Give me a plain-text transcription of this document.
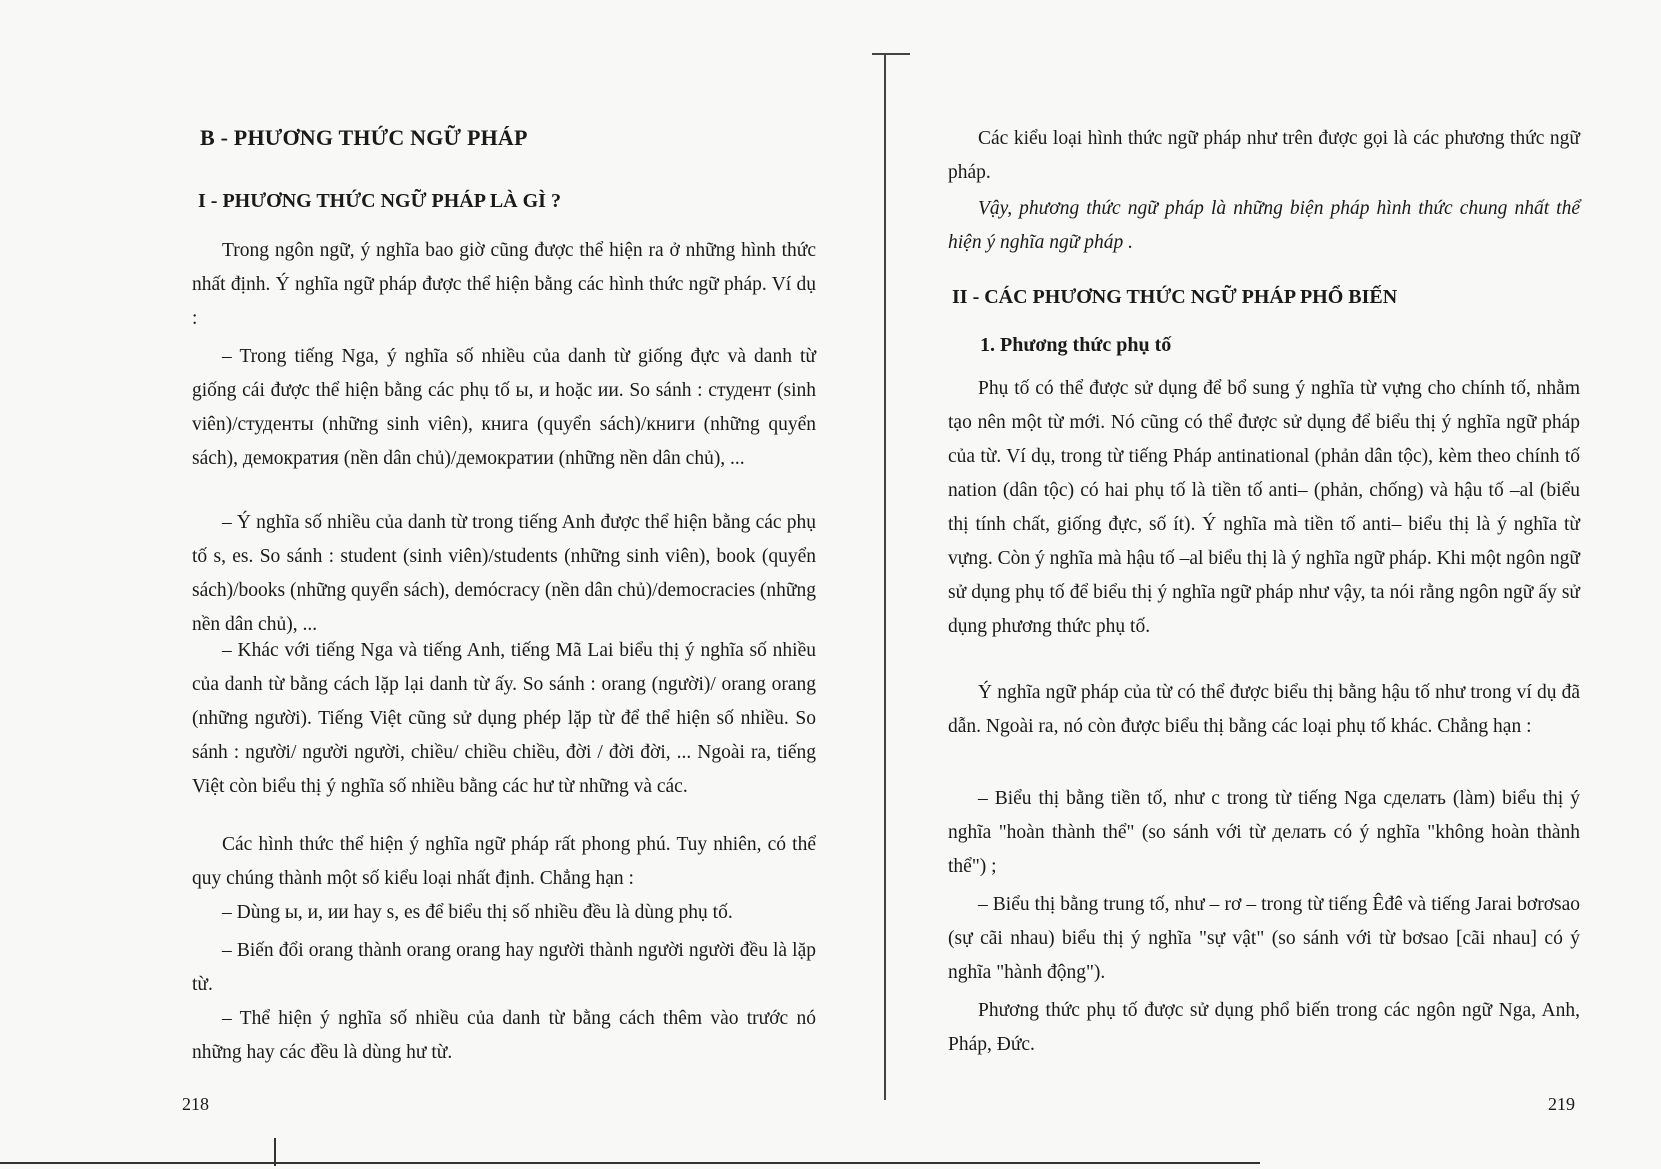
B - PHƯƠNG THỨC NGỮ PHÁP
I - PHƯƠNG THỨC NGỮ PHÁP LÀ GÌ ?

Trong ngôn ngữ, ý nghĩa bao giờ cũng được thể hiện ra ở những hình thức nhất định. Ý nghĩa ngữ pháp được thể hiện bằng các hình thức ngữ pháp. Ví dụ :

– Trong tiếng Nga, ý nghĩa số nhiều của danh từ giống đực và danh từ giống cái được thể hiện bằng các phụ tố ы, и hoặc ии. So sánh : студент (sinh viên)/студенты (những sinh viên), книга (quyển sách)/книги (những quyển sách), демократия (nền dân chủ)/демократии (những nền dân chủ), ...

– Ý nghĩa số nhiều của danh từ trong tiếng Anh được thể hiện bằng các phụ tố s, es. So sánh : student (sinh viên)/students (những sinh viên), book (quyển sách)/books (những quyển sách), demócracy (nền dân chủ)/democracies (những nền dân chủ), ...

– Khác với tiếng Nga và tiếng Anh, tiếng Mã Lai biểu thị ý nghĩa số nhiều của danh từ bằng cách lặp lại danh từ ấy. So sánh : orang (người)/ orang orang (những người). Tiếng Việt cũng sử dụng phép lặp từ để thể hiện số nhiều. So sánh : người/ người người, chiều/ chiều chiều, đời / đời đời, ... Ngoài ra, tiếng Việt còn biểu thị ý nghĩa số nhiều bằng các hư từ những và các.

Các hình thức thể hiện ý nghĩa ngữ pháp rất phong phú. Tuy nhiên, có thể quy chúng thành một số kiểu loại nhất định. Chẳng hạn :

– Dùng ы, и, ии hay s, es để biểu thị số nhiều đều là dùng phụ tố.

– Biến đổi orang thành orang orang hay người thành người người đều là lặp từ.

– Thể hiện ý nghĩa số nhiều của danh từ bằng cách thêm vào trước nó những hay các đều là dùng hư từ.

218

Các kiểu loại hình thức ngữ pháp như trên được gọi là các phương thức ngữ pháp.

Vậy, phương thức ngữ pháp là những biện pháp hình thức chung nhất thể hiện ý nghĩa ngữ pháp .

II - CÁC PHƯƠNG THỨC NGỮ PHÁP PHỔ BIẾN
1. Phương thức phụ tố

Phụ tố có thể được sử dụng để bổ sung ý nghĩa từ vựng cho chính tố, nhằm tạo nên một từ mới. Nó cũng có thể được sử dụng để biểu thị ý nghĩa ngữ pháp của từ. Ví dụ, trong từ tiếng Pháp antinational (phản dân tộc), kèm theo chính tố nation (dân tộc) có hai phụ tố là tiền tố anti– (phản, chống) và hậu tố –al (biểu thị tính chất, giống đực, số ít). Ý nghĩa mà tiền tố anti– biểu thị là ý nghĩa từ vựng. Còn ý nghĩa mà hậu tố –al biểu thị là ý nghĩa ngữ pháp. Khi một ngôn ngữ sử dụng phụ tố để biểu thị ý nghĩa ngữ pháp như vậy, ta nói rằng ngôn ngữ ấy sử dụng phương thức phụ tố.

Ý nghĩa ngữ pháp của từ có thể được biểu thị bằng hậu tố như trong ví dụ đã dẫn. Ngoài ra, nó còn được biểu thị bằng các loại phụ tố khác. Chẳng hạn :

– Biểu thị bằng tiền tố, như с trong từ tiếng Nga сделать (làm) biểu thị ý nghĩa "hoàn thành thể" (so sánh với từ делать có ý nghĩa "không hoàn thành thể") ;

– Biểu thị bằng trung tố, như – rơ – trong từ tiếng Êđê và tiếng Jarai bơrơsao (sự cãi nhau) biểu thị ý nghĩa "sự vật" (so sánh với từ bơsao [cãi nhau] có ý nghĩa "hành động").

Phương thức phụ tố được sử dụng phổ biến trong các ngôn ngữ Nga, Anh, Pháp, Đức.

219
